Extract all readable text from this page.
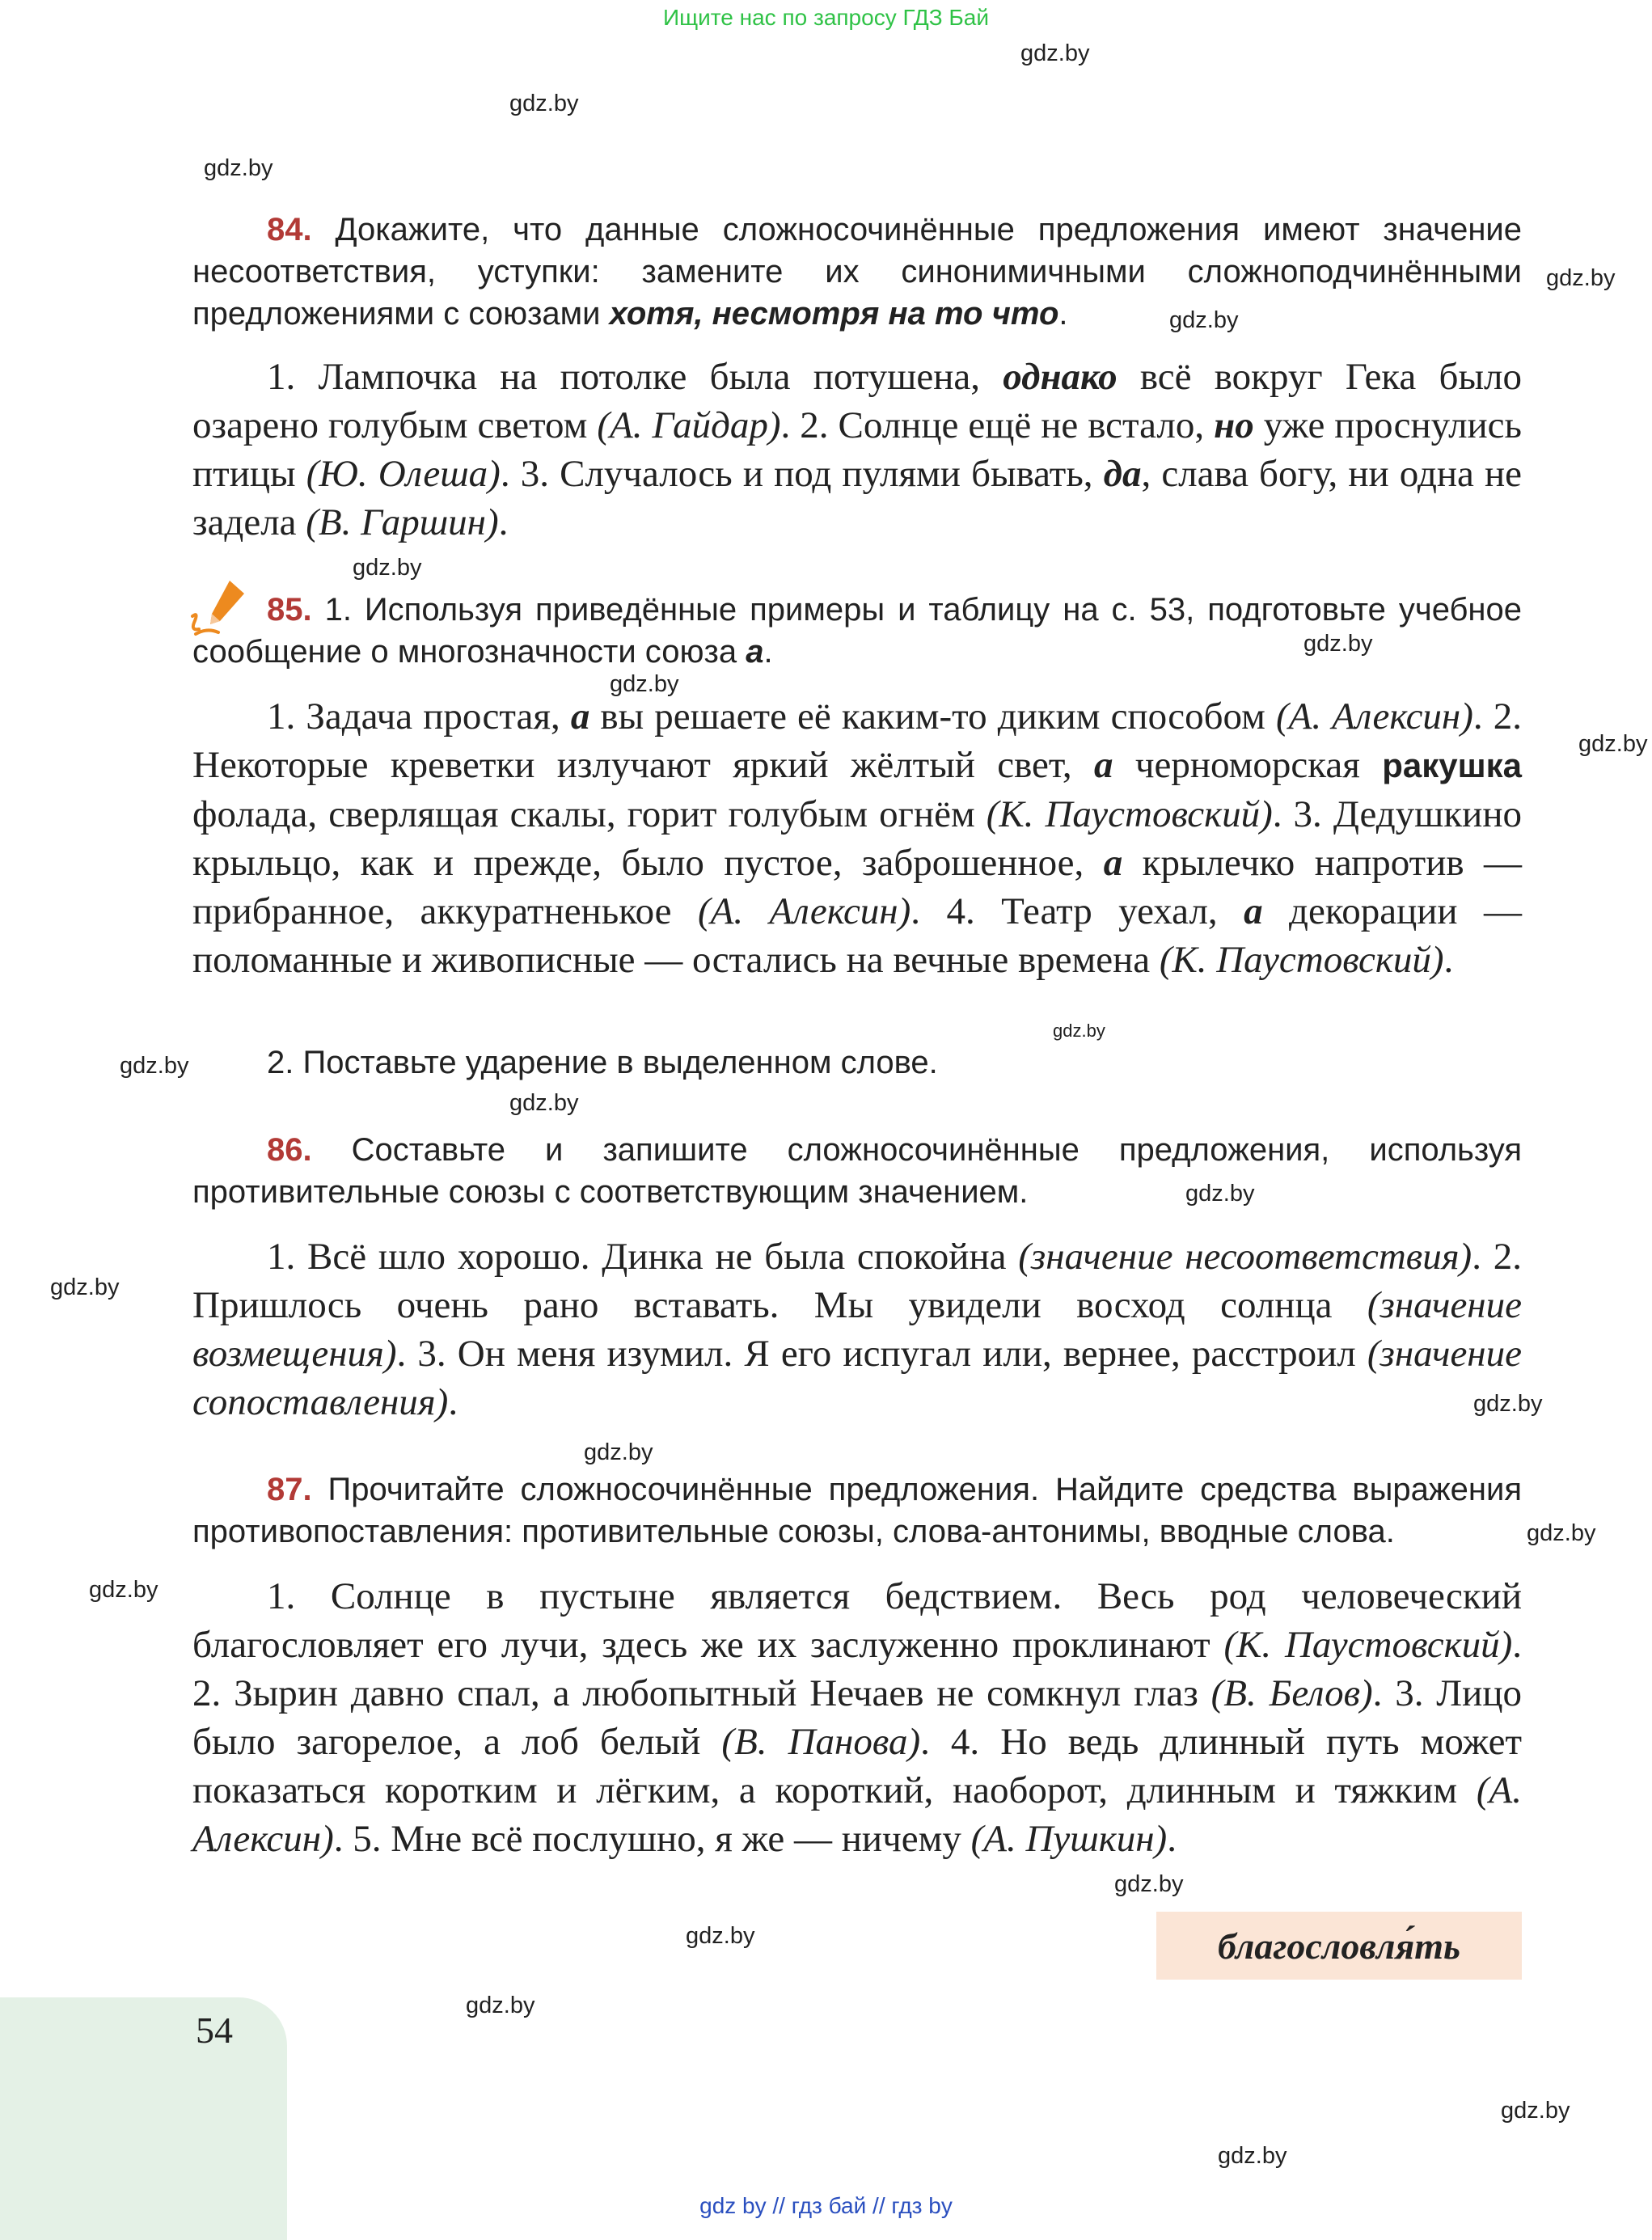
Ищите нас по запросу ГДЗ Бай
gdz by // гдз бай // гдз by
gdz.by
gdz.by
gdz.by
gdz.by
gdz.by
gdz.by
gdz.by
gdz.by
gdz.by
gdz.by
gdz.by
gdz.by
gdz.by
gdz.by
gdz.by
gdz.by
gdz.by
gdz.by
gdz.by
gdz.by
gdz.by
gdz.by
gdz.by
84. Докажите, что данные сложносочинённые предложения имеют значение несоответствия, уступки: замените их синонимичными сложноподчинёнными предложениями с союзами хотя, несмотря на то что.
1. Лампочка на потолке была потушена, однако всё вокруг Гека было озарено голубым светом (А. Гайдар). 2. Солнце ещё не встало, но уже проснулись птицы (Ю. Олеша). 3. Случалось и под пулями бывать, да, слава богу, ни одна не задела (В. Гаршин).
85. 1. Используя приведённые примеры и таблицу на с. 53, подготовьте учебное сообщение о многозначности союза а.
1. Задача простая, а вы решаете её каким-то диким способом (А. Алексин). 2. Некоторые креветки излучают яркий жёлтый свет, а черноморская ракушка фолада, сверлящая скалы, горит голубым огнём (К. Паустовский). 3. Дедушкино крыльцо, как и прежде, было пустое, заброшенное, а крылечко напротив — прибранное, аккуратненькое (А. Алексин). 4. Театр уехал, а декорации — поломанные и живописные — остались на вечные времена (К. Паустовский).
2. Поставьте ударение в выделенном слове.
86. Составьте и запишите сложносочинённые предложения, используя противительные союзы с соответствующим значением.
1. Всё шло хорошо. Динка не была спокойна (значение несоответствия). 2. Пришлось очень рано вставать. Мы увидели восход солнца (значение возмещения). 3. Он меня изумил. Я его испугал или, вернее, расстроил (значение сопоставления).
87. Прочитайте сложносочинённые предложения. Найдите средства выражения противопоставления: противительные союзы, слова-антонимы, вводные слова.
1. Солнце в пустыне является бедствием. Весь род человеческий благословляет его лучи, здесь же их заслуженно проклинают (К. Паустовский). 2. Зырин давно спал, а любопытный Нечаев не сомкнул глаз (В. Белов). 3. Лицо было загорелое, а лоб белый (В. Панова). 4. Но ведь длинный путь может показаться коротким и лёгким, а короткий, наоборот, длинным и тяжким (А. Алексин). 5. Мне всё послушно, я же — ничему (А. Пушкин).
благословля́ть
54
